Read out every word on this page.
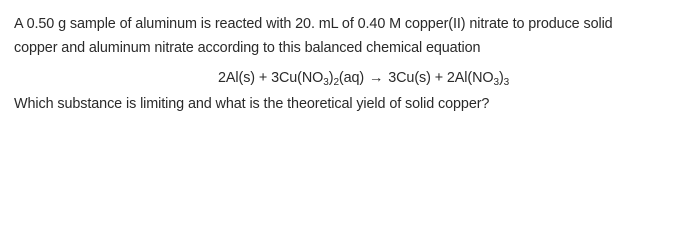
A 0.50 g sample of aluminum is reacted with 20. mL of 0.40 M copper(II) nitrate to produce solid
copper and aluminum nitrate according to this balanced chemical equation
$2Al(s) + 3Cu(NO_3)_2(aq) \to 3Cu(s) + 2Al(NO_3)_3$
Which substance is limiting and what is the theoretical yield of solid copper?
